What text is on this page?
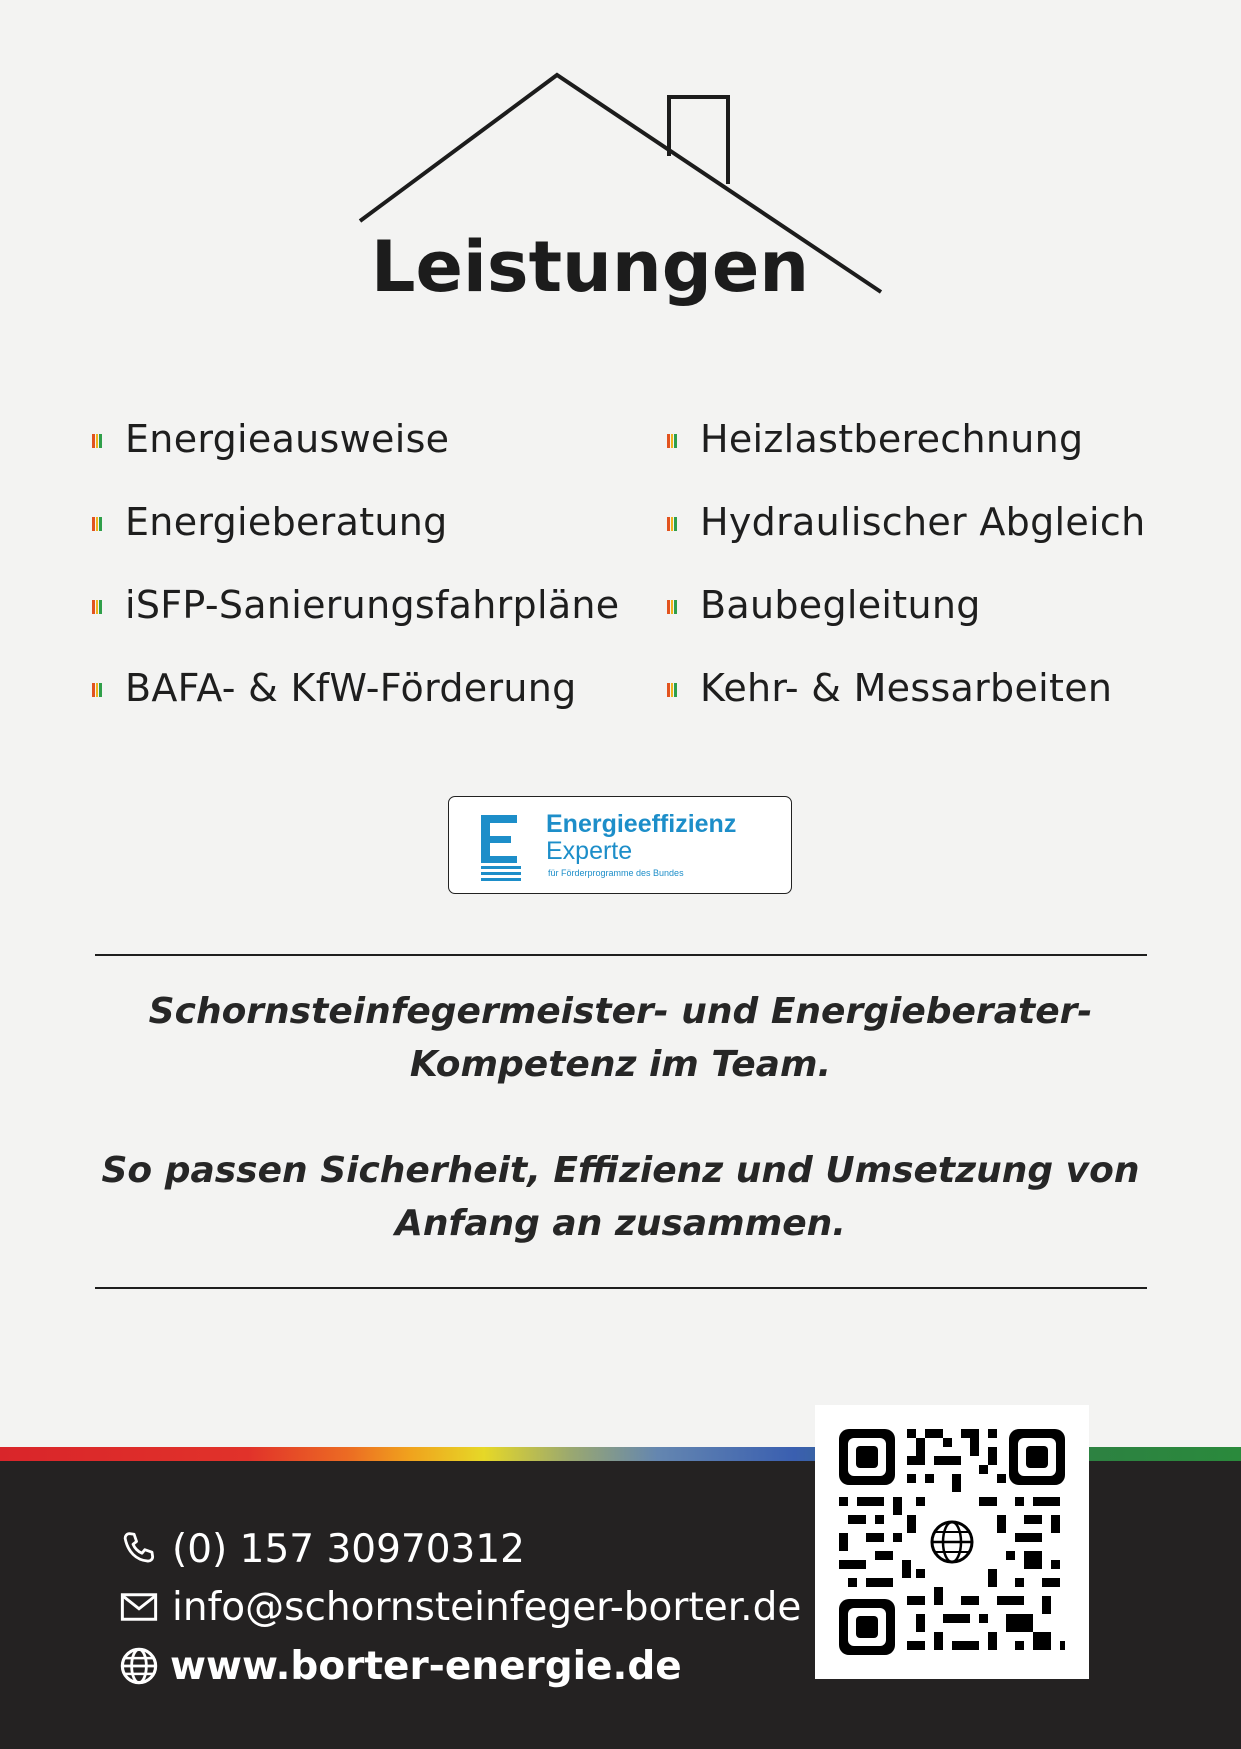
Leistungen
Energieausweise
Energieberatung
iSFP-Sanierungsfahrpläne
BAFA- & KfW-Förderung
Heizlastberechnung
Hydraulischer Abgleich
Baubegleitung
Kehr- & Messarbeiten
Energieeffizienz
Experte
für Förderprogramme des Bundes
Schornsteinfegermeister- und Energieberater-
Kompetenz im Team.
So passen Sicherheit, Effizienz und Umsetzung von
Anfang an zusammen.
(0) 157 30970312
info@schornsteinfeger-borter.de
www.borter-energie.de
